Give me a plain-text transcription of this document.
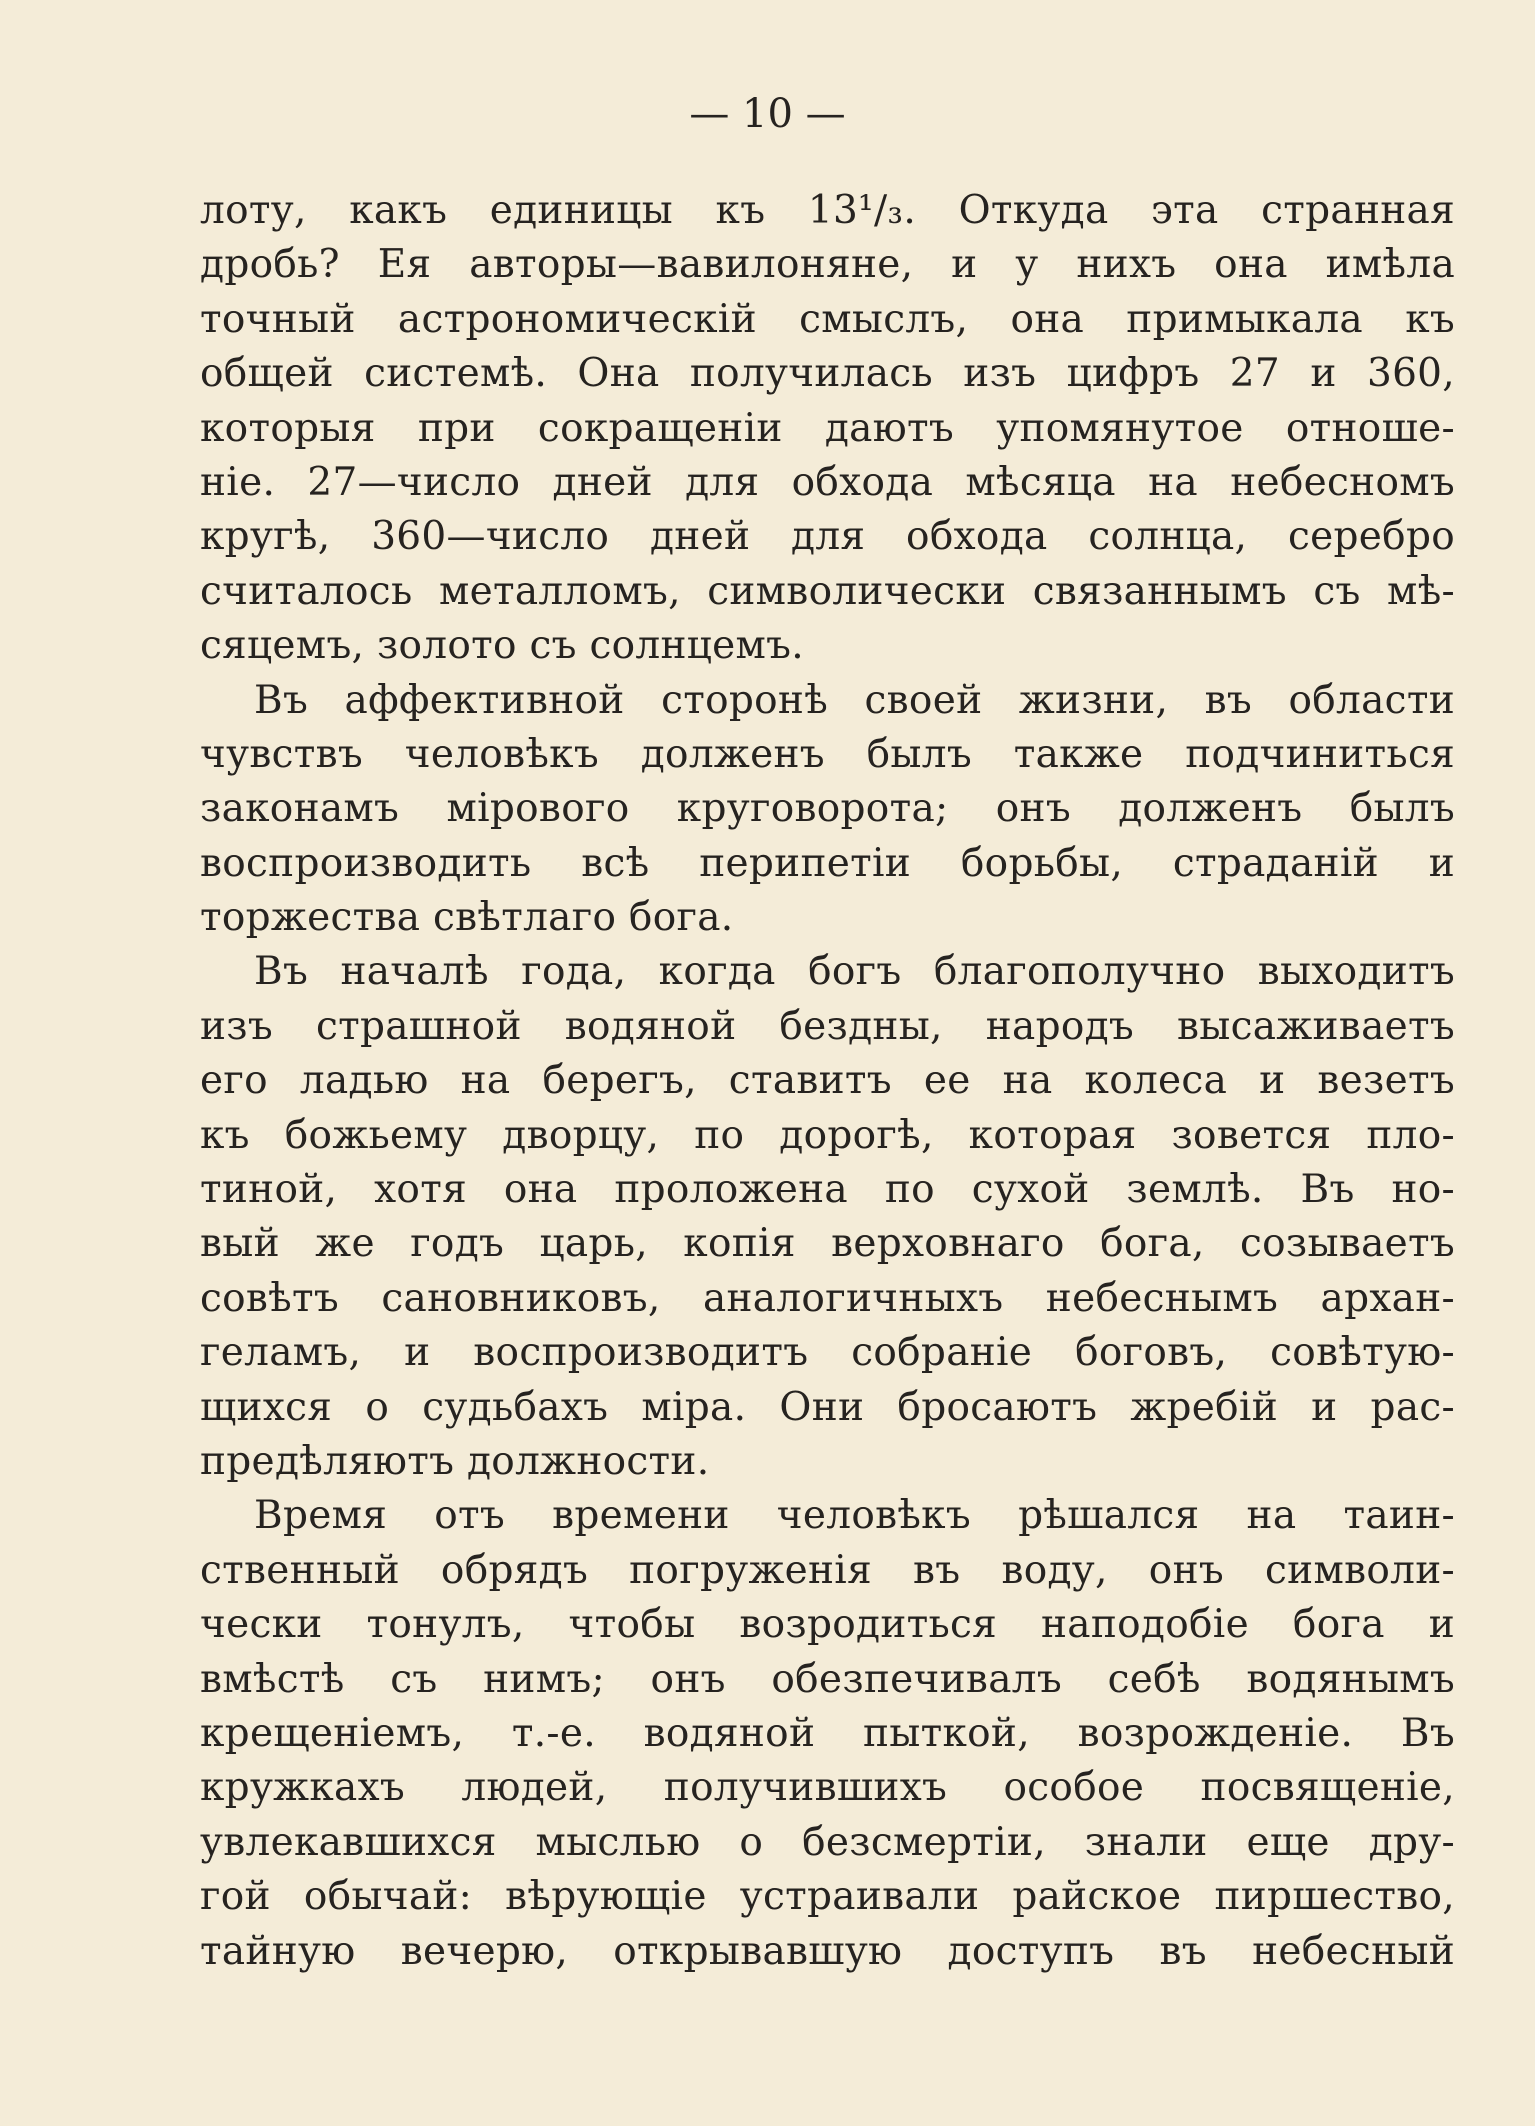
— 10 —
лоту, какъ единицы къ 13¹/₃. Откуда эта странная
дробь? Ея авторы—вавилоняне, и у нихъ она имѣла
точный астрономическій смыслъ, она примыкала къ
общей системѣ. Она получилась изъ цифръ 27 и 360,
которыя при сокращеніи даютъ упомянутое отноше-
ніе. 27—число дней для обхода мѣсяца на небесномъ
кругѣ, 360—число дней для обхода солнца, серебро
считалось металломъ, символически связаннымъ съ мѣ-
сяцемъ, золото съ солнцемъ.
Въ аффективной сторонѣ своей жизни, въ области
чувствъ человѣкъ долженъ былъ также подчиниться
законамъ мірового круговорота; онъ долженъ былъ
воспроизводить всѣ перипетіи борьбы, страданій и
торжества свѣтлаго бога.
Въ началѣ года, когда богъ благополучно выходитъ
изъ страшной водяной бездны, народъ высаживаетъ
его ладью на берегъ, ставитъ ее на колеса и везетъ
къ божьему дворцу, по дорогѣ, которая зовется пло-
тиной, хотя она проложена по сухой землѣ. Въ но-
вый же годъ царь, копія верховнаго бога, созываетъ
совѣтъ сановниковъ, аналогичныхъ небеснымъ архан-
геламъ, и воспроизводитъ собраніе боговъ, совѣтую-
щихся о судьбахъ міра. Они бросаютъ жребій и рас-
предѣляютъ должности.
Время отъ времени человѣкъ рѣшался на таин-
ственный обрядъ погруженія въ воду, онъ символи-
чески тонулъ, чтобы возродиться наподобіе бога и
вмѣстѣ съ нимъ; онъ обезпечивалъ себѣ водянымъ
крещеніемъ, т.-е. водяной пыткой, возрожденіе. Въ
кружкахъ людей, получившихъ особое посвященіе,
увлекавшихся мыслью о безсмертіи, знали еще дру-
гой обычай: вѣрующіе устраивали райское пиршество,
тайную вечерю, открывавшую доступъ въ небесный
